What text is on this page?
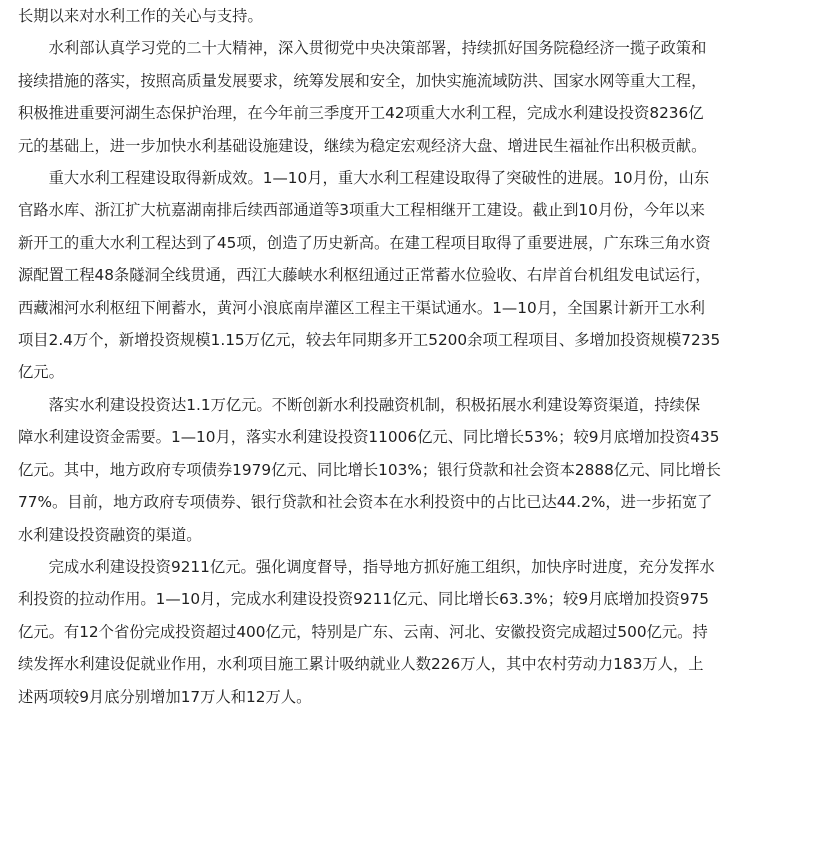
长期以来对水利工作的关心与支持。

水利部认真学习党的二十大精神，深入贯彻党中央决策部署，持续抓好国务院稳经济一揽子政策和

接续措施的落实，按照高质量发展要求，统筹发展和安全，加快实施流域防洪、国家水网等重大工程，

积极推进重要河湖生态保护治理，在今年前三季度开工42项重大水利工程，完成水利建设投资8236亿

元的基础上，进一步加快水利基础设施建设，继续为稳定宏观经济大盘、增进民生福祉作出积极贡献。

重大水利工程建设取得新成效。1—10月，重大水利工程建设取得了突破性的进展。10月份，山东

官路水库、浙江扩大杭嘉湖南排后续西部通道等3项重大工程相继开工建设。截止到10月份，今年以来

新开工的重大水利工程达到了45项，创造了历史新高。在建工程项目取得了重要进展，广东珠三角水资

源配置工程48条隧洞全线贯通，西江大藤峡水利枢纽通过正常蓄水位验收、右岸首台机组发电试运行，

西藏湘河水利枢纽下闸蓄水，黄河小浪底南岸灌区工程主干渠试通水。1—10月，全国累计新开工水利

项目2.4万个，新增投资规模1.15万亿元，较去年同期多开工5200余项工程项目、多增加投资规模7235

亿元。

落实水利建设投资达1.1万亿元。不断创新水利投融资机制，积极拓展水利建设筹资渠道，持续保

障水利建设资金需要。1—10月，落实水利建设投资11006亿元、同比增长53%；较9月底增加投资435

亿元。其中，地方政府专项债券1979亿元、同比增长103%；银行贷款和社会资本2888亿元、同比增长

77%。目前，地方政府专项债券、银行贷款和社会资本在水利投资中的占比已达44.2%，进一步拓宽了

水利建设投资融资的渠道。

完成水利建设投资9211亿元。强化调度督导，指导地方抓好施工组织，加快序时进度，充分发挥水

利投资的拉动作用。1—10月，完成水利建设投资9211亿元、同比增长63.3%；较9月底增加投资975

亿元。有12个省份完成投资超过400亿元，特别是广东、云南、河北、安徽投资完成超过500亿元。持

续发挥水利建设促就业作用，水利项目施工累计吸纳就业人数226万人，其中农村劳动力183万人，上

述两项较9月底分别增加17万人和12万人。
